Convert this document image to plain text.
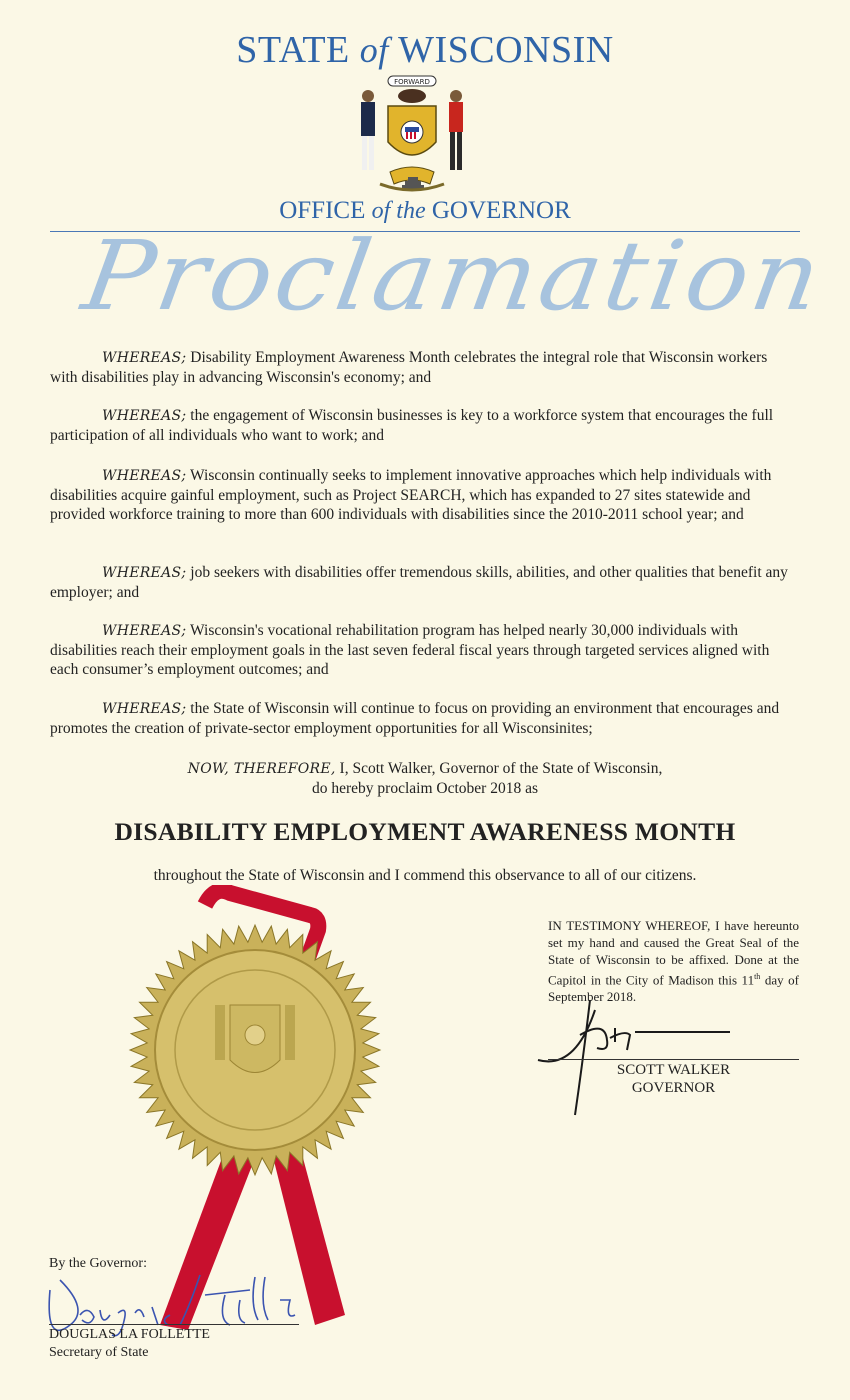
STATE of WISCONSIN
FORWARD
OFFICE of the GOVERNOR
Proclamation

WHEREAS; Disability Employment Awareness Month celebrates the integral role that Wisconsin workers with disabilities play in advancing Wisconsin's economy; and

WHEREAS; the engagement of Wisconsin businesses is key to a workforce system that encourages the full participation of all individuals who want to work; and

WHEREAS; Wisconsin continually seeks to implement innovative approaches which help individuals with disabilities acquire gainful employment, such as Project SEARCH, which has expanded to 27 sites statewide and provided workforce training to more than 600 individuals with disabilities since the 2010-2011 school year; and

WHEREAS; job seekers with disabilities offer tremendous skills, abilities, and other qualities that benefit any employer; and

WHEREAS; Wisconsin's vocational rehabilitation program has helped nearly 30,000 individuals with disabilities reach their employment goals in the last seven federal fiscal years through targeted services aligned with each consumer’s employment outcomes; and

WHEREAS; the State of Wisconsin will continue to focus on providing an environment that encourages and promotes the creation of private-sector employment opportunities for all Wisconsinites;

NOW, THEREFORE, I, Scott Walker, Governor of the State of Wisconsin,
do hereby proclaim October 2018 as
DISABILITY EMPLOYMENT AWARENESS MONTH
throughout the State of Wisconsin and I commend this observance to all of our citizens.
IN TESTIMONY WHEREOF, I have hereunto set my hand and caused the Great Seal of the State of Wisconsin to be affixed. Done at the Capitol in the City of Madison this 11th day of September 2018.
SCOTT WALKER
GOVERNOR
By the Governor:
DOUGLAS LA FOLLETTE
Secretary of State
